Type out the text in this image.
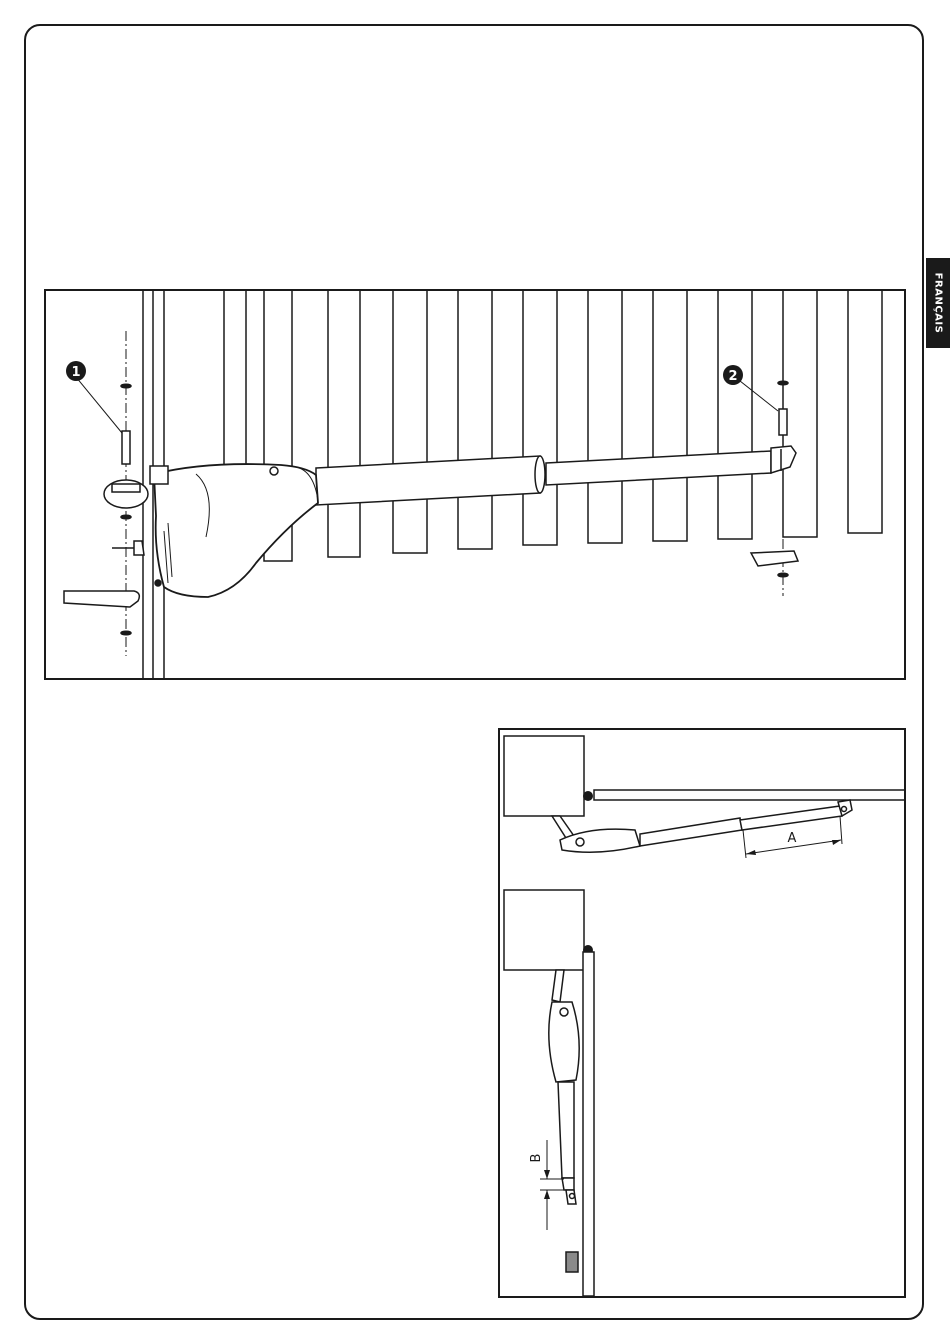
FRANÇAIS
1	2
A
B
